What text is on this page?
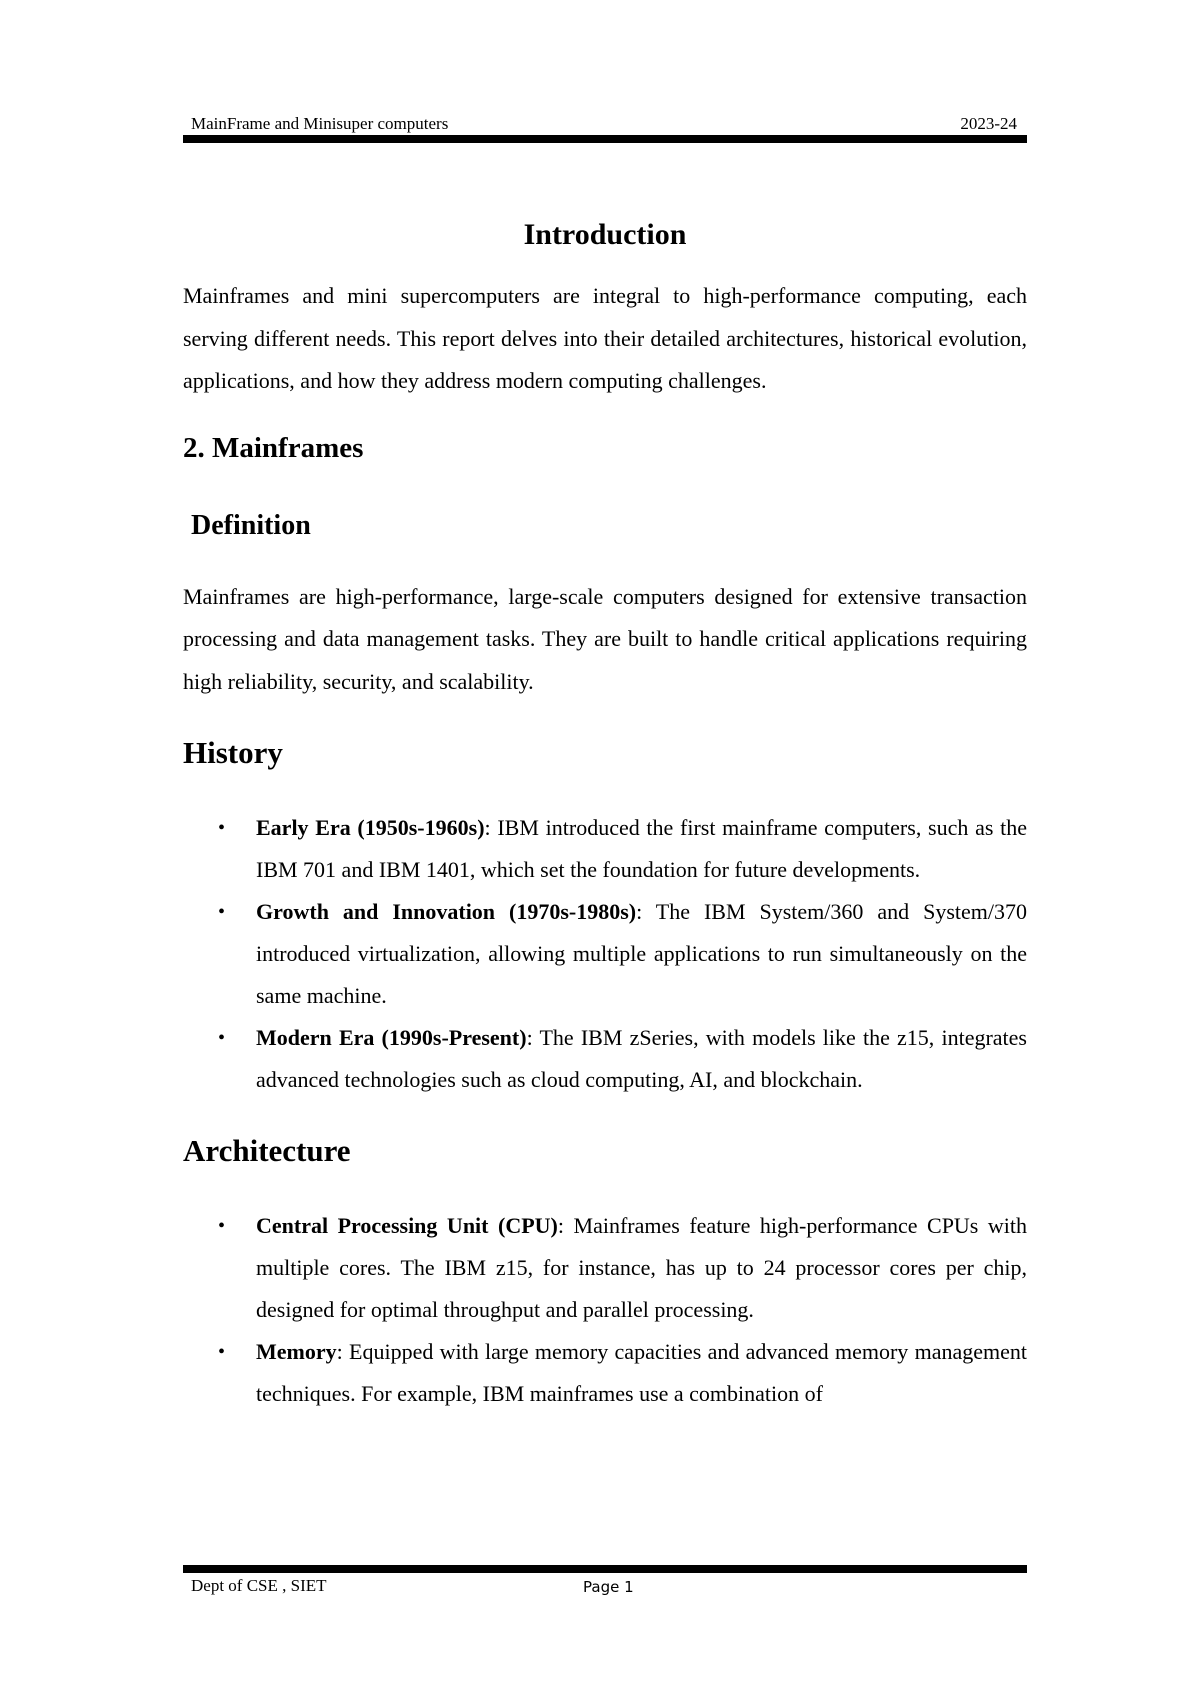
MainFrame and Minisuper computers	2023-24
Introduction

Mainframes and mini supercomputers are integral to high-performance computing, each serving different needs. This report delves into their detailed architectures, historical evolution, applications, and how they address modern computing challenges.

2. Mainframes
Definition

Mainframes are high-performance, large-scale computers designed for extensive transaction processing and data management tasks. They are built to handle critical applications requiring high reliability, security, and scalability.

History
• Early Era (1950s-1960s): IBM introduced the first mainframe computers, such as the IBM 701 and IBM 1401, which set the foundation for future developments.
• Growth and Innovation (1970s-1980s): The IBM System/360 and System/370 introduced virtualization, allowing multiple applications to run simultaneously on the same machine.
• Modern Era (1990s-Present): The IBM zSeries, with models like the z15, integrates advanced technologies such as cloud computing, AI, and blockchain.
Architecture
• Central Processing Unit (CPU): Mainframes feature high-performance CPUs with multiple cores. The IBM z15, for instance, has up to 24 processor cores per chip, designed for optimal throughput and parallel processing.
• Memory: Equipped with large memory capacities and advanced memory management techniques. For example, IBM mainframes use a combination of
Dept of CSE , SIET	Page 1
